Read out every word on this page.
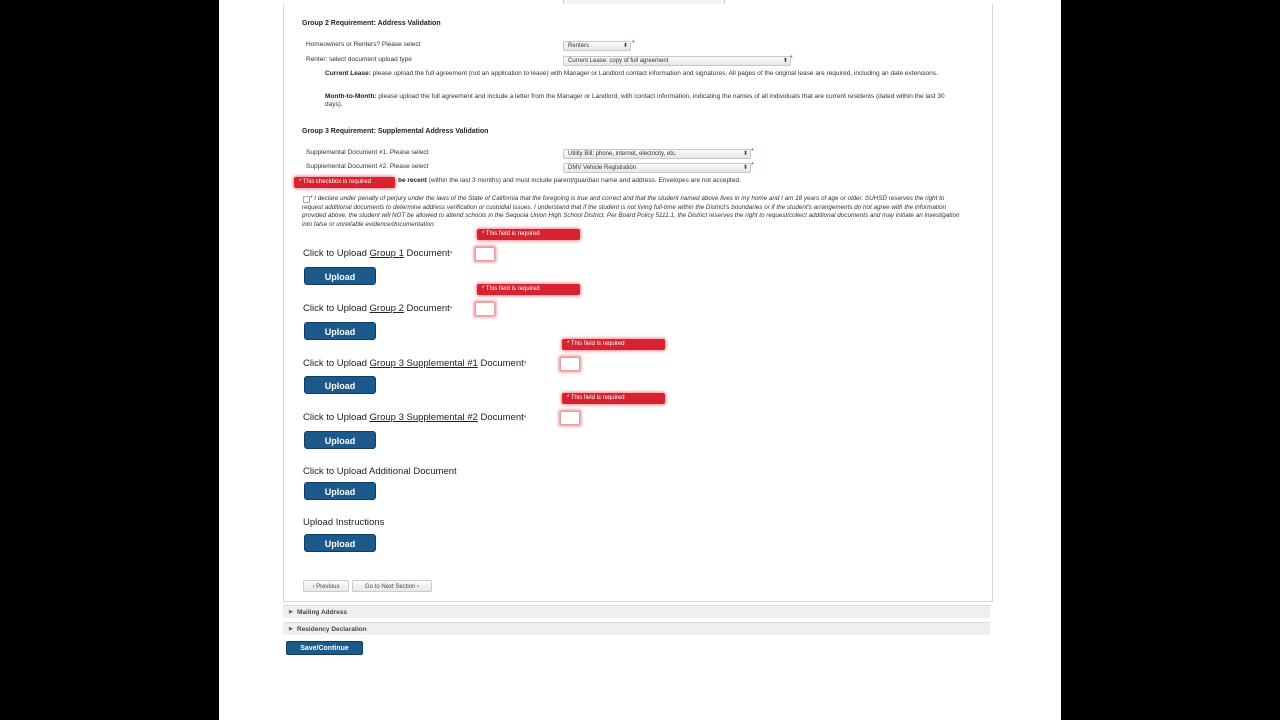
Group 2 Requirement: Address Validation
Homeowners or Renters? Please select	Renters	⬍ *
Renter: select document upload type	Current Lease: copy of full agreement	⬍ *
Current Lease: please upload the full agreement (not an application to lease) with Manager or Landlord contact information and signatures. All pages of the original lease are required, including an date extensions.
Month-to-Month: please upload the full agreement and include a letter from the Manager or Landlord, with contact information, indicating the names of all individuals that are current residents (dated within the last 30 days).
Group 3 Requirement: Supplemental Address Validation
Supplemental Document #1. Please select	Utility Bill: phone, internet, electricity, etc.	⬍ *
Supplemental Document #2. Please select	DMV Vehicle Registration	⬍ *
be recent (within the last 3 months) and must include parent/guardian name and address. Envelopes are not accepted.
* This checkbox is required
* I declare under penalty of perjury under the laws of the State of California that the foregoing is true and correct and that the student named above lives in my home and I am 18 years of age or older. SUHSD reserves the right to request additional documents to determine address verification or custodial issues. I understand that if the student is not living full-time within the District's boundaries or if the student's arrangements do not agree with the information provided above, the student will NOT be allowed to attend schools in the Sequoia Union High School District. Per Board Policy 5111.1, the District reserves the right to request/collect additional documents and may initiate an investigation into false or unreliable evidence/documentation.
Click to Upload Group 1 Document*
* This field is required
Upload
Click to Upload Group 2 Document*
* This field is required
Upload
Click to Upload Group 3 Supplemental #1 Document*
* This field is required
Upload
Click to Upload Group 3 Supplemental #2 Document*
* This field is required
Upload
Click to Upload Additional Document
Upload
Upload Instructions
Upload
‹ Previous	Go to Next Section ›
▶ Mailing Address
▶ Residency Declaration
Save/Continue
